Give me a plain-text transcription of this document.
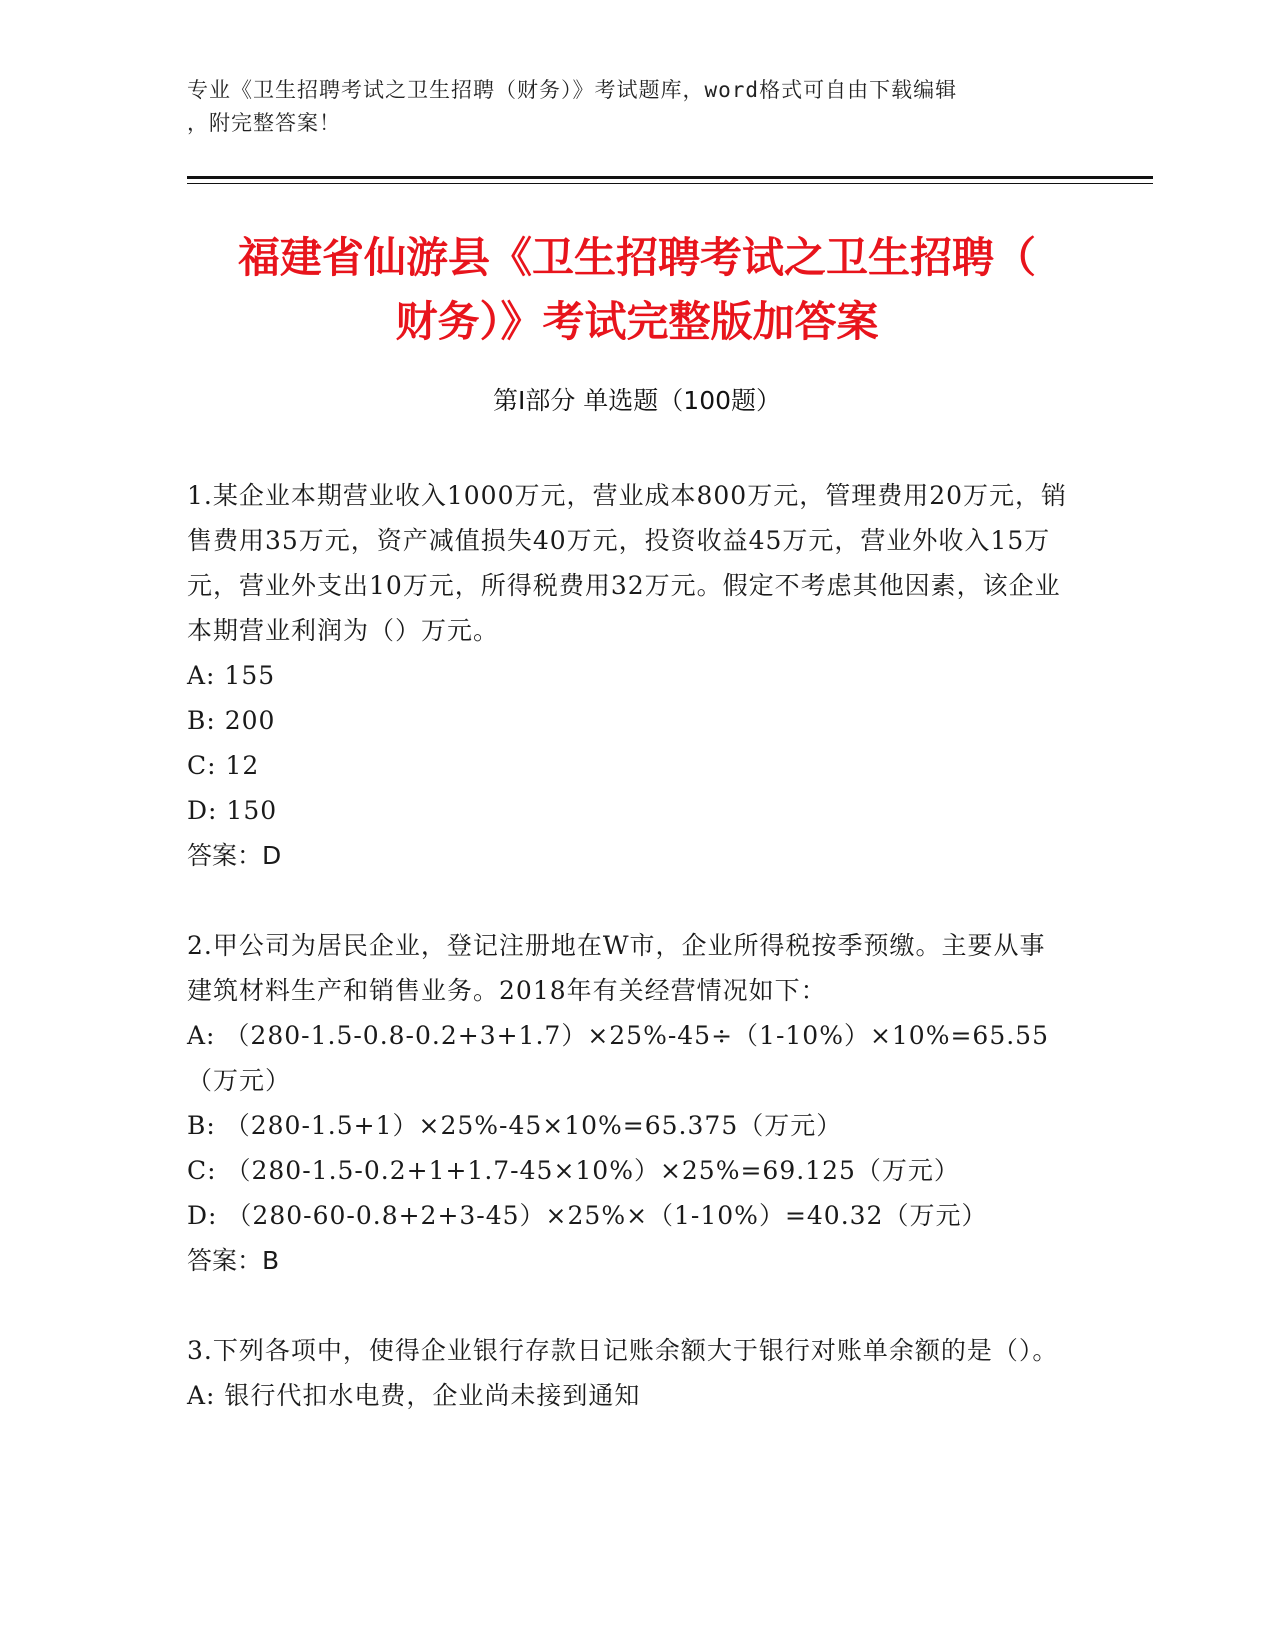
专业《卫生招聘考试之卫生招聘（财务）》考试题库，word格式可自由下载编辑
，附完整答案！
福建省仙游县《卫生招聘考试之卫生招聘（
财务）》考试完整版加答案
第I部分 单选题（100题）

1.某企业本期营业收入1000万元，营业成本800万元，管理费用20万元，销售费用35万元，资产减值损失40万元，投资收益45万元，营业外收入15万元，营业外支出10万元，所得税费用32万元。假定不考虑其他因素，该企业本期营业利润为（）万元。

A: 155

B: 200

C: 12

D: 150

答案：D

2.甲公司为居民企业，登记注册地在W市，企业所得税按季预缴。主要从事建筑材料生产和销售业务。2018年有关经营情况如下：

A: （280-1.5-0.8-0.2+3+1.7）×25%-45÷（1-10%）×10%=65.55（万元）

B: （280-1.5+1）×25%-45×10%=65.375（万元）

C: （280-1.5-0.2+1+1.7-45×10%）×25%=69.125（万元）

D: （280-60-0.8+2+3-45）×25%×（1-10%）=40.32（万元）

答案：B

3.下列各项中，使得企业银行存款日记账余额大于银行对账单余额的是（）。

A: 银行代扣水电费，企业尚未接到通知
